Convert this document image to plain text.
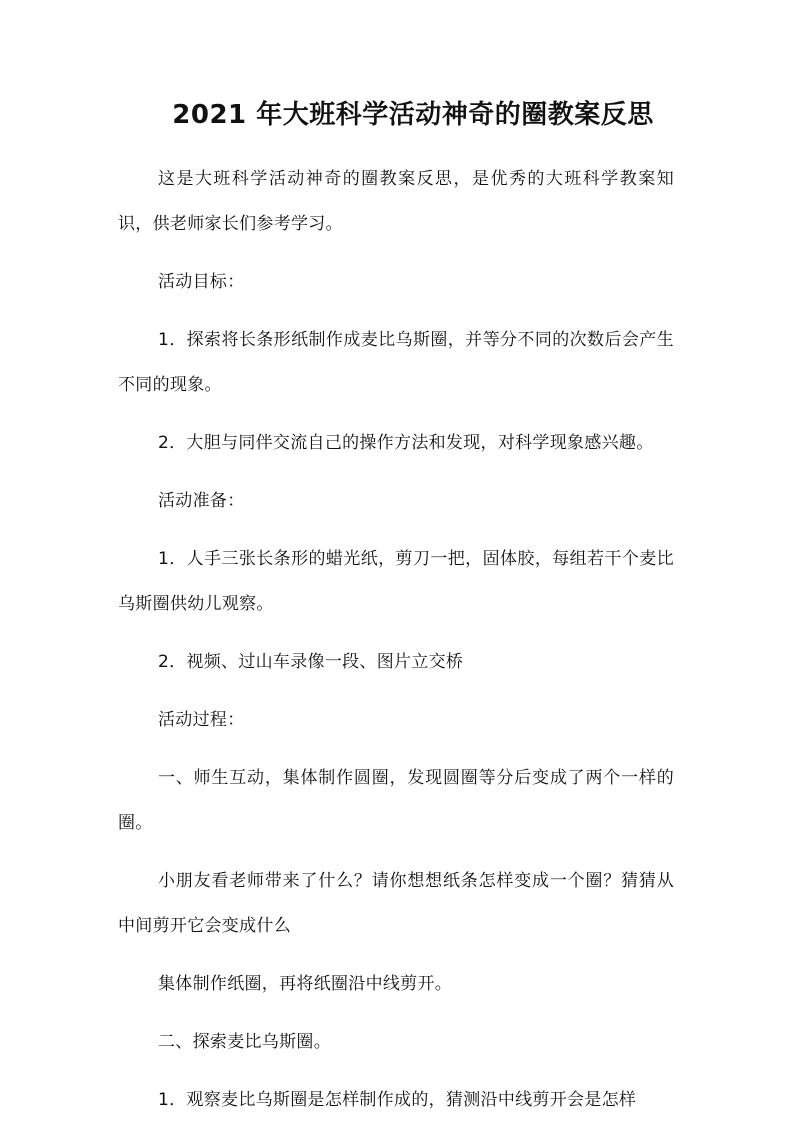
2021 年大班科学活动神奇的圈教案反思

这是大班科学活动神奇的圈教案反思，是优秀的大班科学教案知识，供老师家长们参考学习。

活动目标：

1．探索将长条形纸制作成麦比乌斯圈，并等分不同的次数后会产生不同的现象。

2．大胆与同伴交流自己的操作方法和发现，对科学现象感兴趣。

活动准备：

1．人手三张长条形的蜡光纸，剪刀一把，固体胶，每组若干个麦比乌斯圈供幼儿观察。

2．视频、过山车录像一段、图片立交桥

活动过程：

一、师生互动，集体制作圆圈，发现圆圈等分后变成了两个一样的圈。

小朋友看老师带来了什么？请你想想纸条怎样变成一个圈？猜猜从中间剪开它会变成什么

集体制作纸圈，再将纸圈沿中线剪开。

二、探索麦比乌斯圈。

1．观察麦比乌斯圈是怎样制作成的，猜测沿中线剪开会是怎样
